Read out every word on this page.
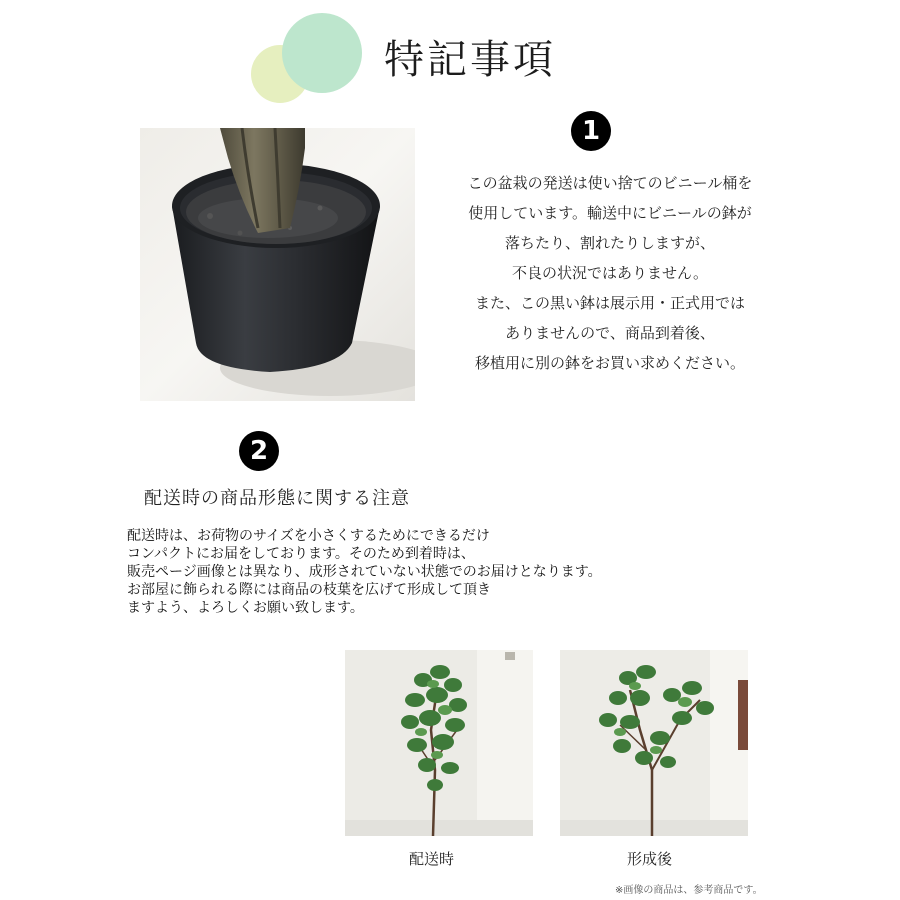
特記事項
1
この盆栽の発送は使い捨てのビニール桶を
使用しています。輸送中にビニールの鉢が
落ちたり、割れたりしますが、
不良の状況ではありません。
また、この黒い鉢は展示用・正式用では
ありませんので、商品到着後、
移植用に別の鉢をお買い求めください。
2
配送時の商品形態に関する注意
配送時は、お荷物のサイズを小さくするためにできるだけ
コンパクトにお届をしております。そのため到着時は、
販売ページ画像とは異なり、成形されていない状態でのお届けとなります。
お部屋に飾られる際には商品の枝葉を広げて形成して頂き
ますよう、よろしくお願い致します。
配送時	形成後
※画像の商品は、参考商品です。
